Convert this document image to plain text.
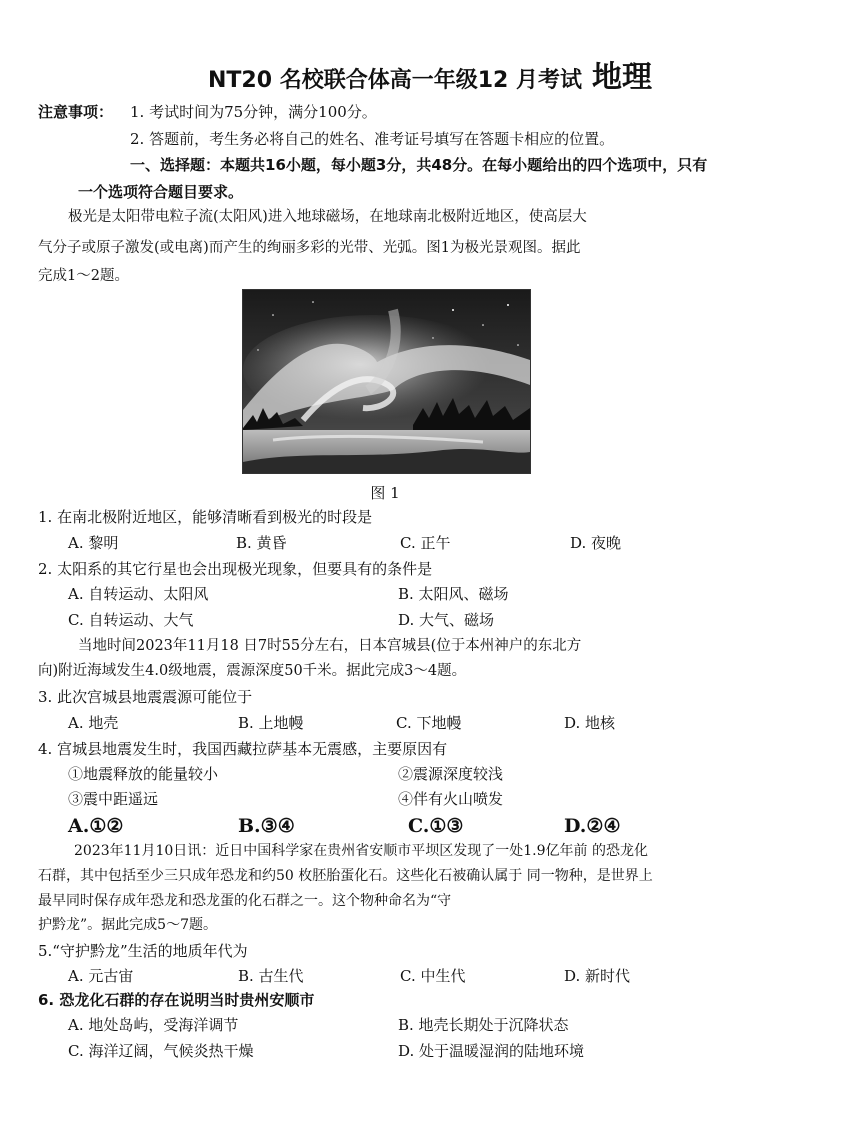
NT20 名校联合体高一年级12 月考试 地理
注意事项： 1. 考试时间为75分钟，满分100分。
2. 答题前，考生务必将自己的姓名、准考证号填写在答题卡相应的位置。
一、选择题：本题共16小题，每小题3分，共48分。在每小题给出的四个选项中，只有
一个选项符合题目要求。
极光是太阳带电粒子流(太阳风)进入地球磁场，在地球南北极附近地区，使高层大
气分子或原子激发(或电离)而产生的绚丽多彩的光带、光弧。图1为极光景观图。据此
完成1～2题。
图 1
1. 在南北极附近地区，能够清晰看到极光的时段是
A. 黎明	B. 黄昏	C. 正午	D. 夜晚
2. 太阳系的其它行星也会出现极光现象，但要具有的条件是
A. 自转运动、太阳风	B. 太阳风、磁场
C. 自转运动、大气	D. 大气、磁场
当地时间2023年11月18 日7时55分左右，日本宫城县(位于本州神户的东北方
向)附近海域发生4.0级地震，震源深度50千米。据此完成3～4题。
3. 此次宫城县地震震源可能位于
A. 地壳	B. 上地幔	C. 下地幔	D. 地核
4. 宫城县地震发生时，我国西藏拉萨基本无震感，主要原因有
①地震释放的能量较小	②震源深度较浅
③震中距遥远	④伴有火山喷发
A.①②	B.③④	C.①③	D.②④
2023年11月10日讯：近日中国科学家在贵州省安顺市平坝区发现了一处1.9亿年前 的恐龙化
石群，其中包括至少三只成年恐龙和约50 枚胚胎蛋化石。这些化石被确认属于 同一物种，是世界上
最早同时保存成年恐龙和恐龙蛋的化石群之一。这个物种命名为“守
护黔龙”。据此完成5～7题。
5.“守护黔龙”生活的地质年代为
A. 元古宙	B. 古生代	C. 中生代	D. 新时代
6. 恐龙化石群的存在说明当时贵州安顺市
A. 地处岛屿，受海洋调节	B. 地壳长期处于沉降状态
C. 海洋辽阔，气候炎热干燥	D. 处于温暖湿润的陆地环境
